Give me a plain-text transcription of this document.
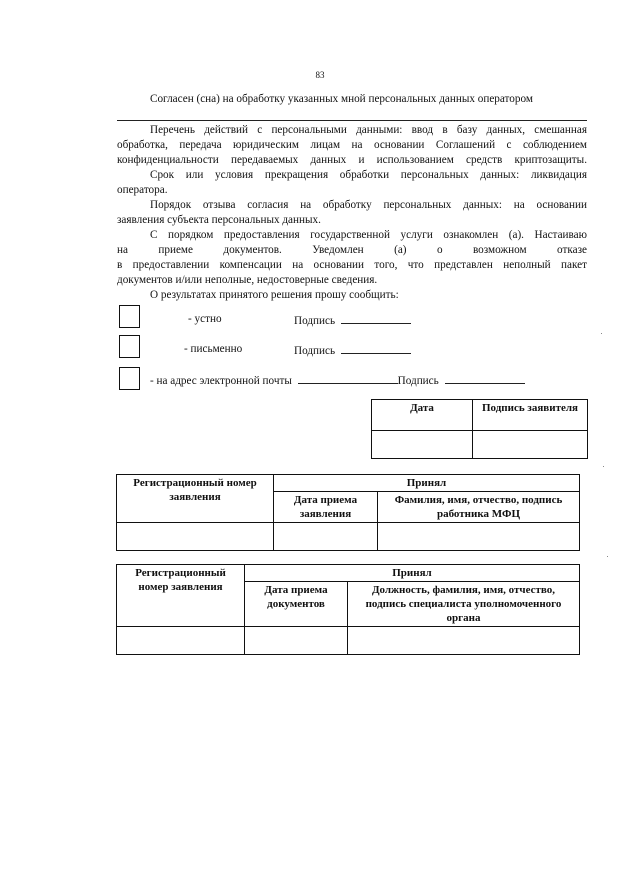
83

Согласен (сна) на обработку указанных мной персональных данных оператором

Перечень действий с персональными данными: ввод в базу данных, смешанная

обработка, передача юридическим лицам на основании Соглашений с соблюдением

конфиденциальности передаваемых данных и использованием средств криптозащиты.

Срок или условия прекращения обработки персональных данных: ликвидация

оператора.

Порядок отзыва согласия на обработку персональных данных: на основании

заявления субъекта персональных данных.

С порядком предоставления государственной услуги ознакомлен (а). Настаиваю

на приеме документов. Уведомлен (а) о возможном отказе

в предоставлении компенсации на основании того, что представлен неполный пакет

документов и/или неполные, недостоверные сведения.

О результатах принятого решения прошу сообщить:

- устно	Подпись
- письменно	Подпись
- на адрес электронной почты	Подпись
Дата	Подпись заявителя

Регистрационный номер заявления	Принял	
	Дата приема заявления	Фамилия, имя, отчество, подпись работника МФЦ

Регистрационный номер заявления	Принял	
	Дата приема документов	Должность, фамилия, имя, отчество, подпись специалиста уполномоченного органа
